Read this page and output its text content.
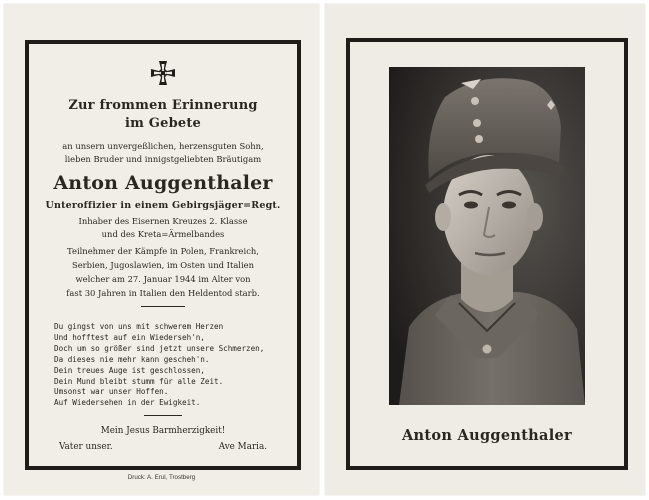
Zur frommen Erinnerung
im Gebete
an unsern unvergeßlichen, herzensguten Sohn,
lieben Bruder und innigstgeliebten Bräutigam
Anton Auggenthaler
Unteroffizier in einem Gebirgsjäger=Regt.
Inhaber des Eisernen Kreuzes 2. Klasse
und des Kreta=Ärmelbandes
Teilnehmer der Kämpfe in Polen, Frankreich,
Serbien, Jugoslawien, im Osten und Italien
welcher am 27. Januar 1944 im Alter von
fast 30 Jahren in Italien den Heldentod starb.
Du gingst von uns mit schwerem Herzen
Und hofftest auf ein Wiederseh'n,
Doch um so größer sind jetzt unsere Schmerzen,
Da dieses nie mehr kann gescheh'n.
Dein treues Auge ist geschlossen,
Dein Mund bleibt stumm für alle Zeit.
Umsonst war unser Hoffen.
Auf Wiedersehen in der Ewigkeit.
Mein Jesus Barmherzigkeit!
Vater unser.	Ave Maria.
Druck: A. Erul, Trostberg
Anton Auggenthaler
